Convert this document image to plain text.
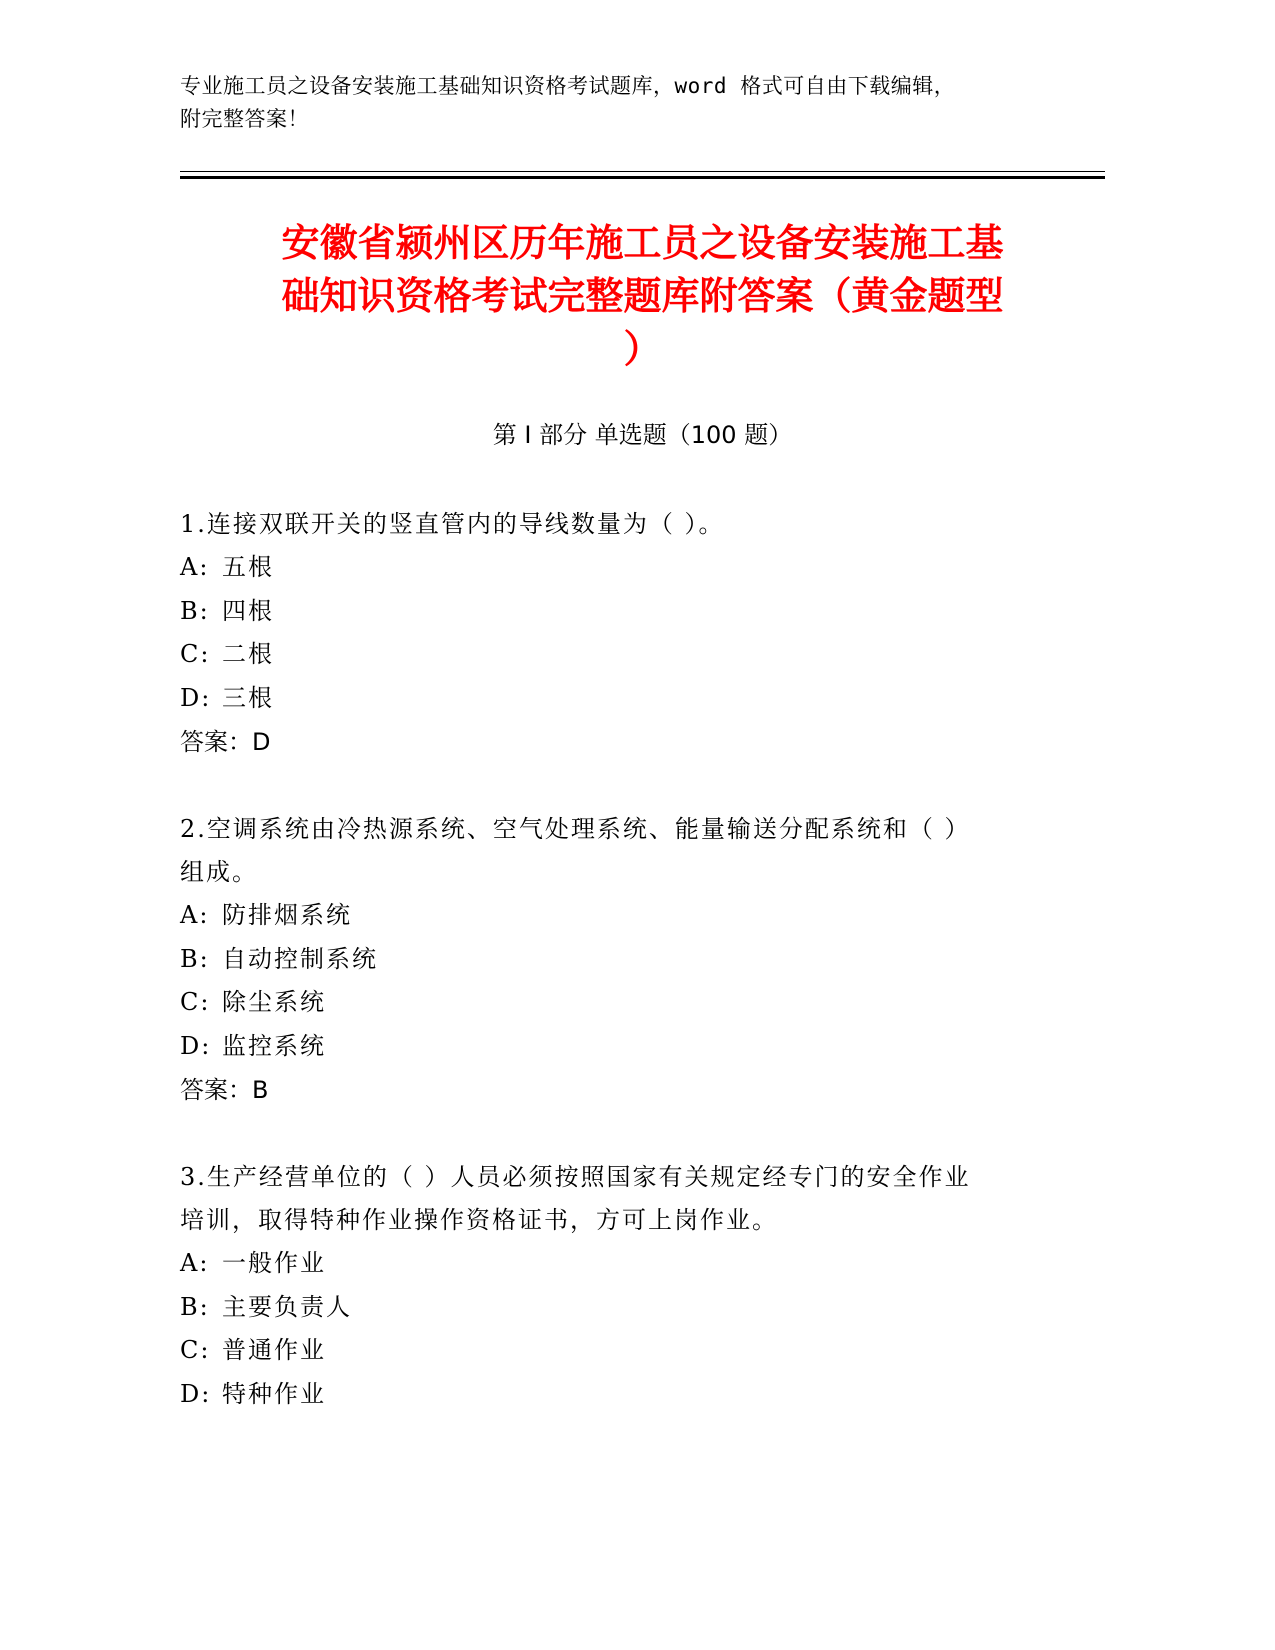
专业施工员之设备安装施工基础知识资格考试题库，word 格式可自由下载编辑，
附完整答案！
安徽省颍州区历年施工员之设备安装施工基
础知识资格考试完整题库附答案（黄金题型
）
第 I 部分 单选题（100 题）
1.连接双联开关的竖直管内的导线数量为（ ）。
A: 五根
B: 四根
C: 二根
D: 三根
答案：D
2.空调系统由冷热源系统、空气处理系统、能量输送分配系统和（ ）
组成。
A: 防排烟系统
B: 自动控制系统
C: 除尘系统
D: 监控系统
答案：B
3.生产经营单位的（ ）人员必须按照国家有关规定经专门的安全作业
培训，取得特种作业操作资格证书，方可上岗作业。
A: 一般作业
B: 主要负责人
C: 普通作业
D: 特种作业
